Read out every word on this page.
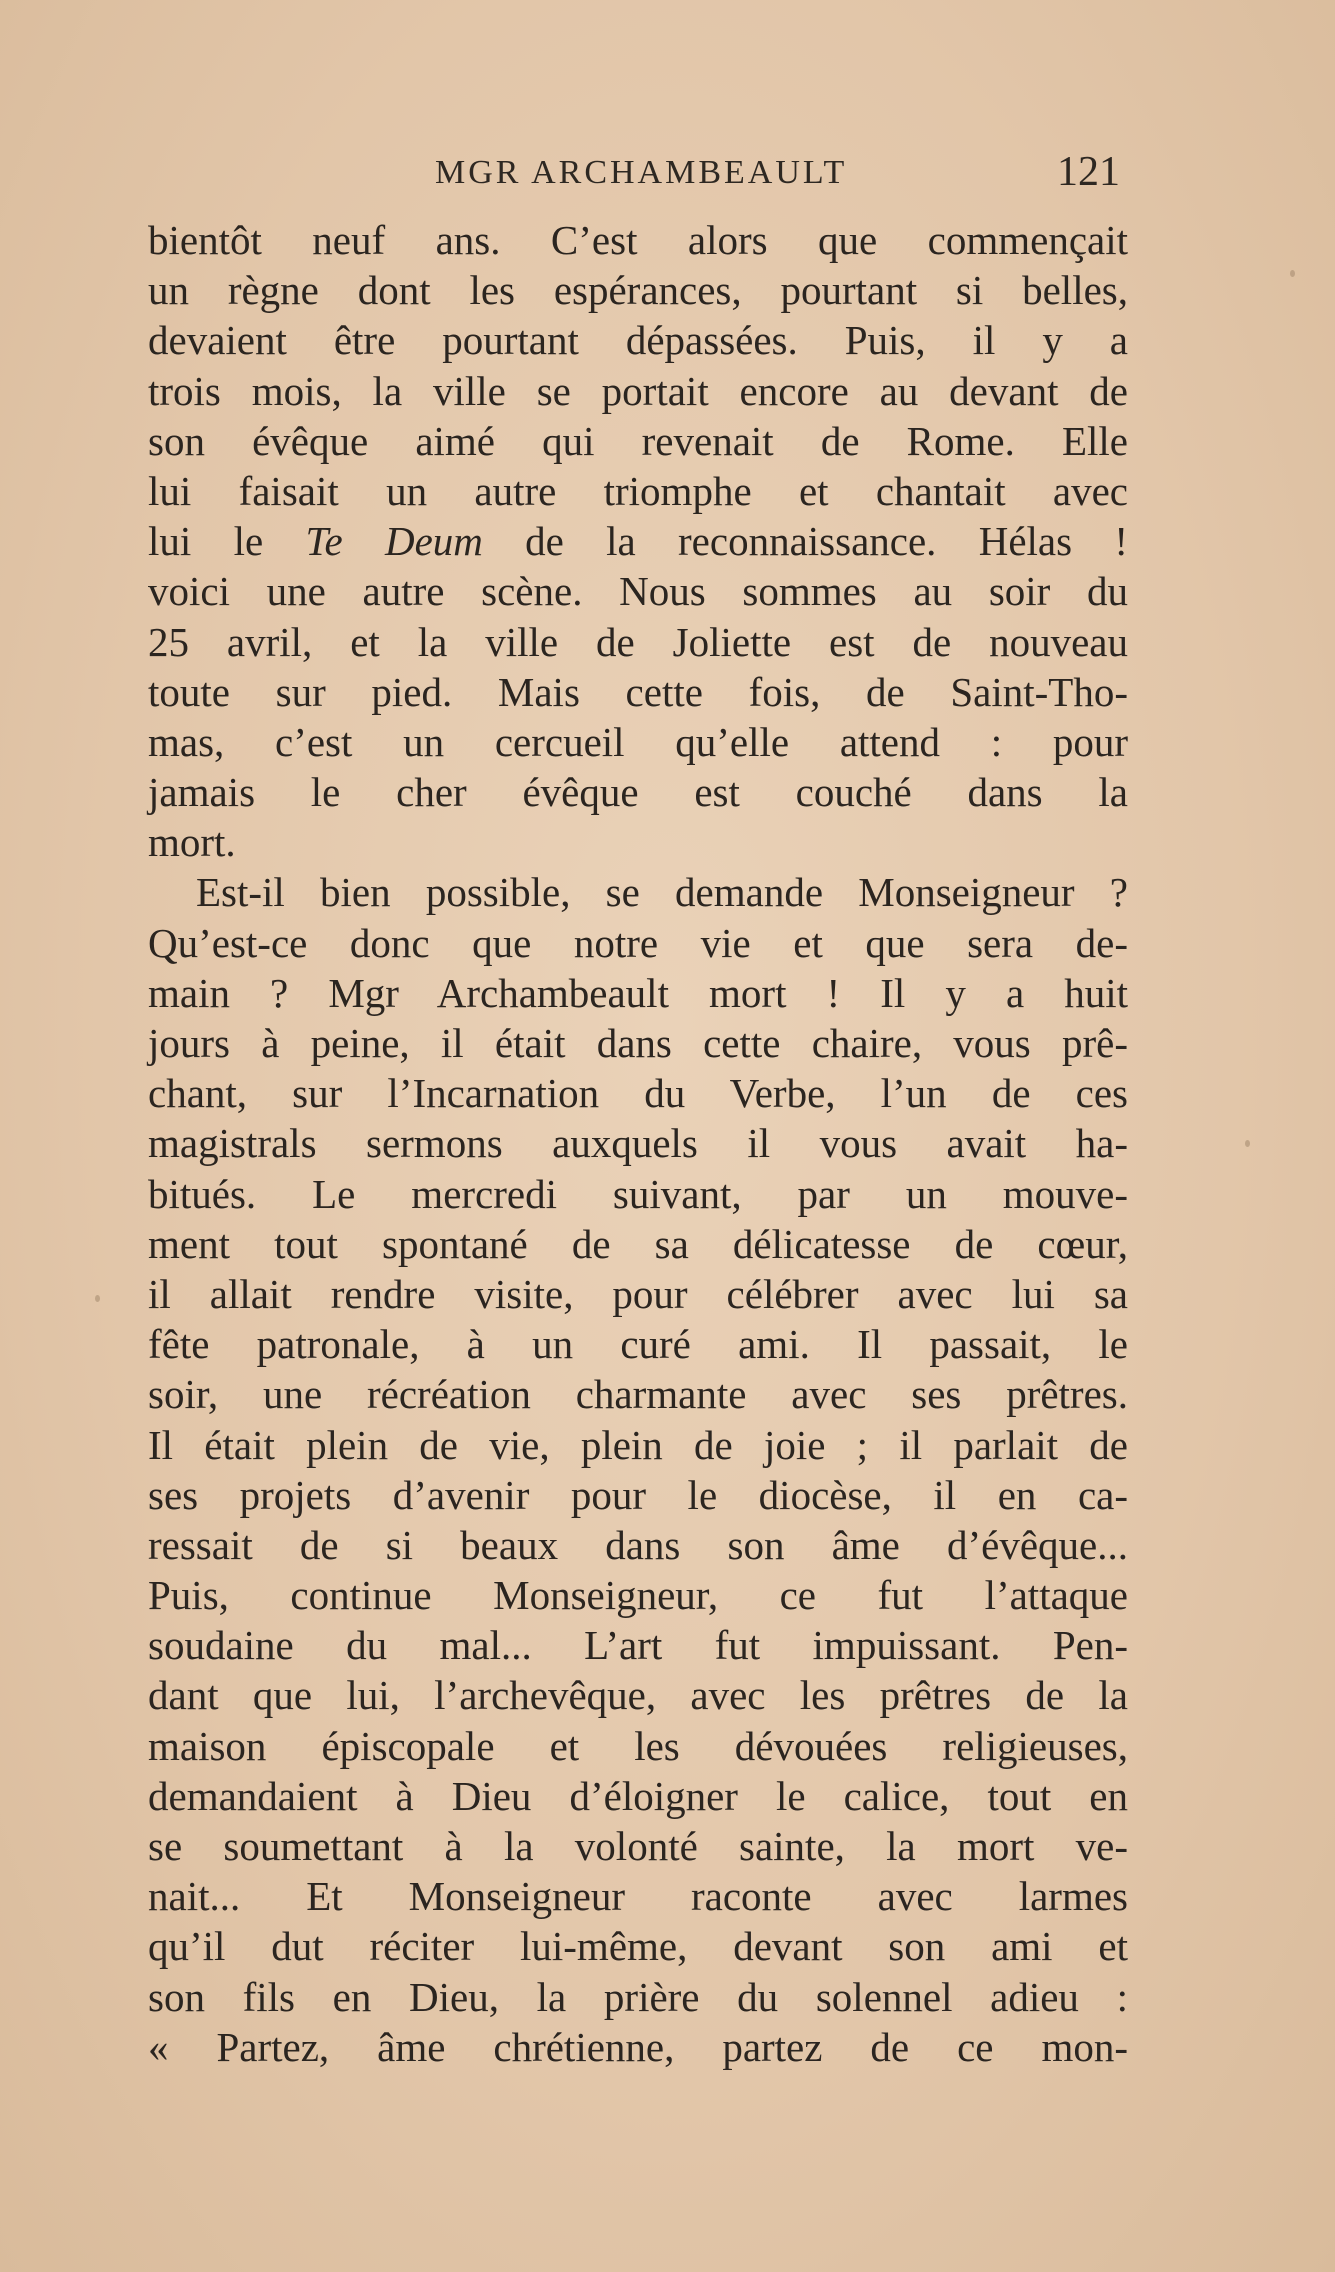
MGR ARCHAMBEAULT	121
bientôt neuf ans. C’est alors que commençait
un règne dont les espérances, pourtant si belles,
devaient être pourtant dépassées. Puis, il y a
trois mois, la ville se portait encore au devant de
son évêque aimé qui revenait de Rome. Elle
lui faisait un autre triomphe et chantait avec
lui le Te Deum de la reconnaissance. Hélas !
voici une autre scène. Nous sommes au soir du
25 avril, et la ville de Joliette est de nouveau
toute sur pied. Mais cette fois, de Saint-Tho-
mas, c’est un cercueil qu’elle attend : pour
jamais le cher évêque est couché dans la
mort.
Est-il bien possible, se demande Monseigneur ?
Qu’est-ce donc que notre vie et que sera de-
main ? Mgr Archambeault mort ! Il y a huit
jours à peine, il était dans cette chaire, vous prê-
chant, sur l’Incarnation du Verbe, l’un de ces
magistrals sermons auxquels il vous avait ha-
bitués. Le mercredi suivant, par un mouve-
ment tout spontané de sa délicatesse de cœur,
il allait rendre visite, pour célébrer avec lui sa
fête patronale, à un curé ami. Il passait, le
soir, une récréation charmante avec ses prêtres.
Il était plein de vie, plein de joie ; il parlait de
ses projets d’avenir pour le diocèse, il en ca-
ressait de si beaux dans son âme d’évêque...
Puis, continue Monseigneur, ce fut l’attaque
soudaine du mal... L’art fut impuissant. Pen-
dant que lui, l’archevêque, avec les prêtres de la
maison épiscopale et les dévouées religieuses,
demandaient à Dieu d’éloigner le calice, tout en
se soumettant à la volonté sainte, la mort ve-
nait... Et Monseigneur raconte avec larmes
qu’il dut réciter lui-même, devant son ami et
son fils en Dieu, la prière du solennel adieu :
« Partez, âme chrétienne, partez de ce mon-
